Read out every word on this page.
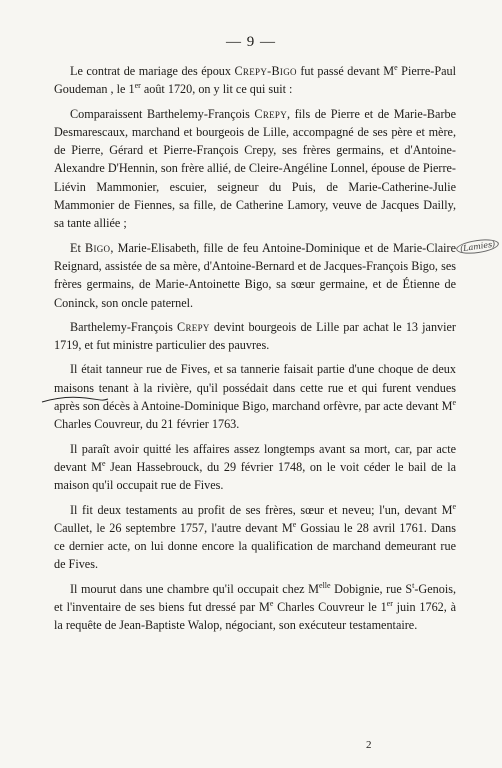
— 9 —

Le contrat de mariage des époux Crepy-Bigo fut passé devant Me Pierre-Paul Goudeman , le 1er août 1720, on y lit ce qui suit :

Comparaissent Barthelemy-François Crepy, fils de Pierre et de Marie-Barbe Desmarescaux, marchand et bourgeois de Lille, accompagné de ses père et mère, de Pierre, Gérard et Pierre-François Crepy, ses frères germains, et d'Antoine-Alexandre D'Hennin, son frère allié, de Cleire-Angéline Lonnel, épouse de Pierre-Liévin Mammonier, escuier, seigneur du Puis, de Marie-Catherine-Julie Mammonier de Fiennes, sa fille, de Catherine Lamory, veuve de Jacques Dailly, sa tante alliée ;

Et Bigo, Marie-Elisabeth, fille de feu Antoine-Dominique et de Marie-Claire Reignard, assistée de sa mère, d'Antoine-Bernard et de Jacques-François Bigo, ses frères germains, de Marie-Antoinette Bigo, sa sœur germaine, et de Étienne de Coninck, son oncle paternel.

Barthelemy-François Crepy devint bourgeois de Lille par achat le 13 janvier 1719, et fut ministre particulier des pauvres.

Il était tanneur rue de Fives, et sa tannerie faisait partie d'une choque de deux maisons tenant à la rivière, qu'il possédait dans cette rue et qui furent vendues après son décès à Antoine-Dominique Bigo, marchand orfèvre, par acte devant Me Charles Couvreur, du 21 février 1763.

Il paraît avoir quitté les affaires assez longtemps avant sa mort, car, par acte devant Me Jean Hassebrouck, du 29 février 1748, on le voit céder le bail de la maison qu'il occupait rue de Fives.

Il fit deux testaments au profit de ses frères, sœur et neveu; l'un, devant Me Caullet, le 26 septembre 1757, l'autre devant Me Gossiau le 28 avril 1761. Dans ce dernier acte, on lui donne encore la qualification de marchand demeurant rue de Fives.

Il mourut dans une chambre qu'il occupait chez $M^{elle}$ Dobignie, rue $S^t$-Genois, et l'inventaire de ses biens fut dressé par Me Charles Couvreur le 1er juin 1762, à la requête de Jean-Baptiste Walop, négociant, son exécuteur testamentaire.

(Lamies)
2
